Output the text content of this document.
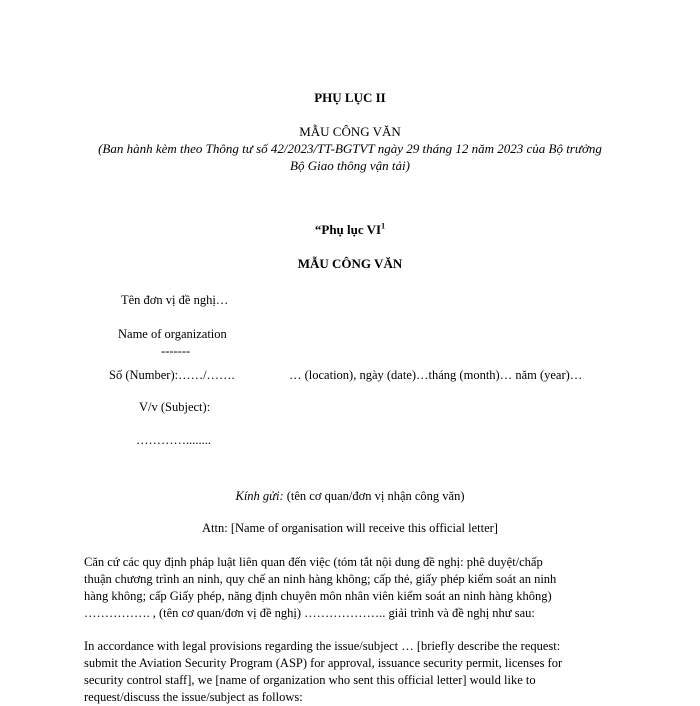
PHỤ LỤC II

MẪU CÔNG VĂN

(Ban hành kèm theo Thông tư số 42/2023/TT-BGTVT ngày 29 tháng 12 năm 2023 của Bộ trưởng

Bộ Giao thông vận tải)

“Phụ lục $VI^1$

MẪU CÔNG VĂN

Tên đơn vị đề nghị…

Name of organization

-------

Số (Number):……/…….	… (location), ngày (date)…tháng (month)… năm (year)…

V/v (Subject):

…………........

Kính gửi: (tên cơ quan/đơn vị nhận công văn)

Attn: [Name of organisation will receive this official letter]

Căn cứ các quy định pháp luật liên quan đến việc (tóm tắt nội dung đề nghị: phê duyệt/chấp
thuận chương trình an ninh, quy chế an ninh hàng không; cấp thẻ, giấy phép kiểm soát an ninh
hàng không; cấp Giấy phép, năng định chuyên môn nhân viên kiểm soát an ninh hàng không)
……………. , (tên cơ quan/đơn vị đề nghị) ……………….. giải trình và đề nghị như sau:
In accordance with legal provisions regarding the issue/subject … [briefly describe the request:
submit the Aviation Security Program (ASP) for approval, issuance security permit, licenses for
security control staff], we [name of organization who sent this official letter] would like to
request/discuss the issue/subject as follows:
